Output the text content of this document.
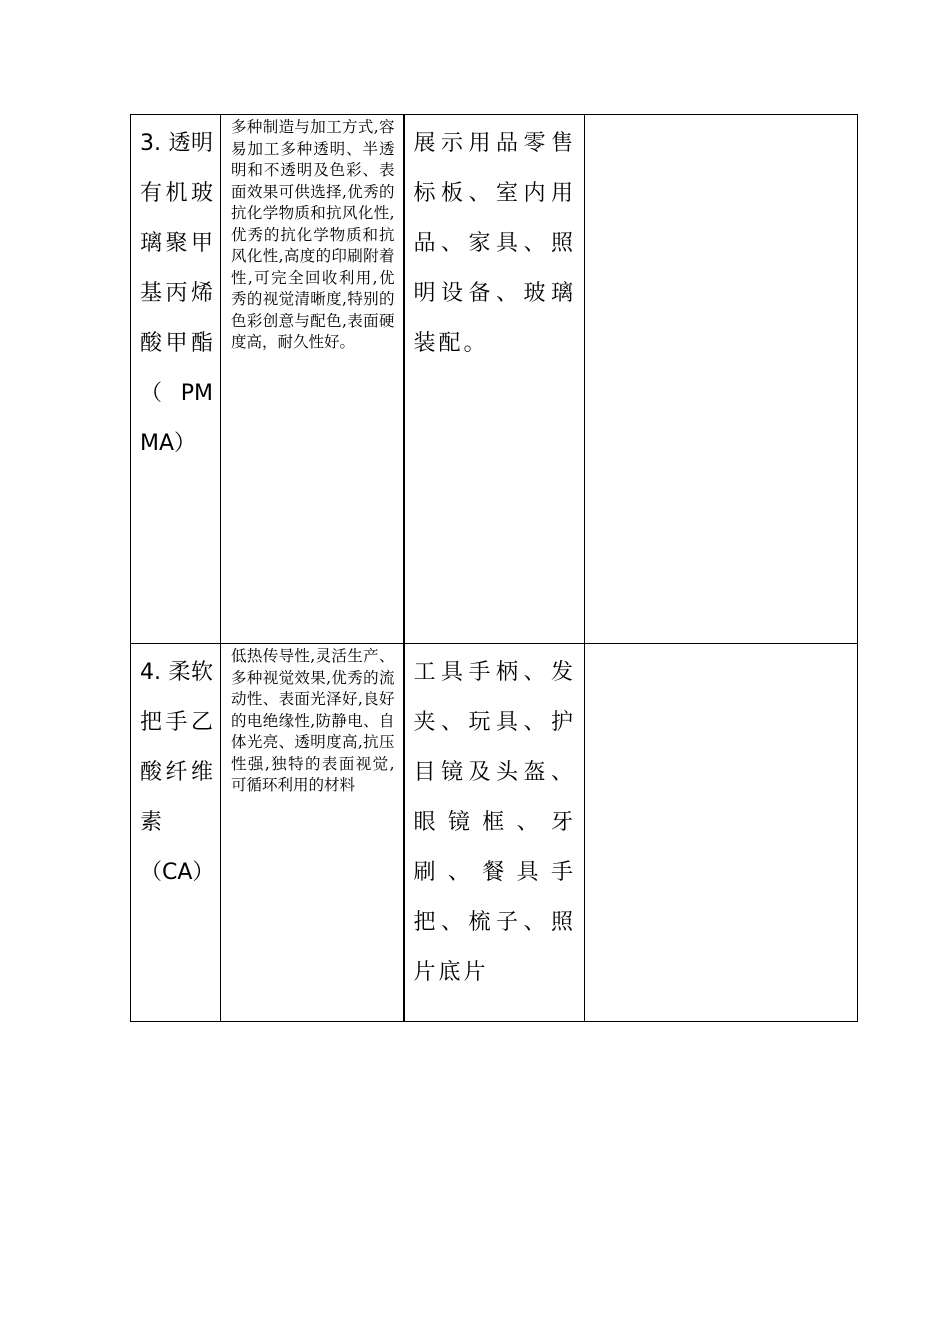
3. 透明有机玻璃聚甲基丙烯酸甲酯（PM
MA）	多种制造与加工方式,容易加工多种透明、半透明和不透明及色彩、表面效果可供选择,优秀的抗化学物质和抗风化性,优秀的抗化学物质和抗风化性,高度的印刷附着性,可完全回收利用,优秀的视觉清晰度,特别的色彩创意与配色,表面硬度高，耐久性好。	展示用品零售标板、室内用品、家具、照明设备、玻璃装配。	

4. 柔软把手乙酸纤维素
（CA）	低热传导性,灵活生产、多种视觉效果,优秀的流动性、表面光泽好,良好的电绝缘性,防静电、自体光亮、透明度高,抗压性强,独特的表面视觉, 可循环利用的材料	工具手柄、发夹、玩具、护目镜及头盔、眼镜框、牙刷、餐具手把、梳子、照片底片	
